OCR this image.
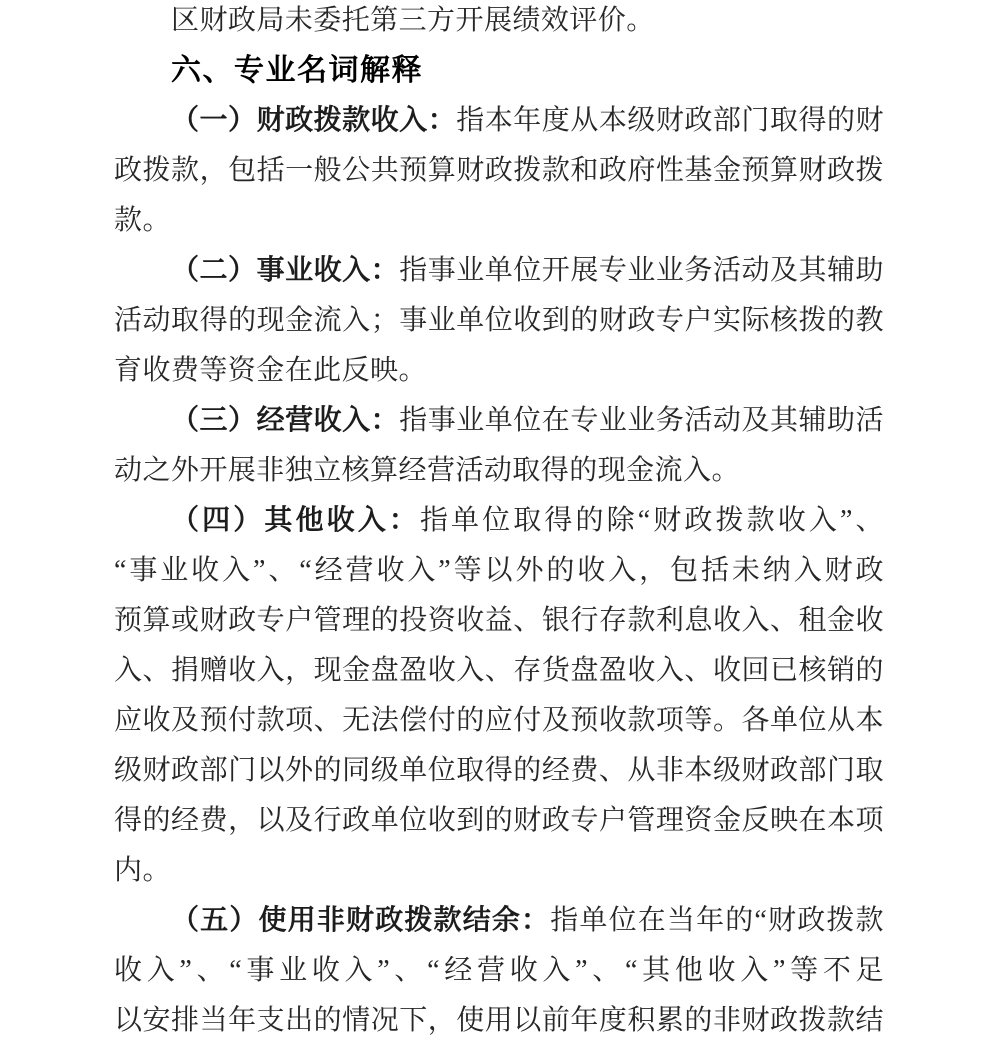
区财政局未委托第三方开展绩效评价。
六、专业名词解释
（一）财政拨款收入：指本年度从本级财政部门取得的财
政拨款，包括一般公共预算财政拨款和政府性基金预算财政拨
款。
（二）事业收入：指事业单位开展专业业务活动及其辅助
活动取得的现金流入；事业单位收到的财政专户实际核拨的教
育收费等资金在此反映。
（三）经营收入：指事业单位在专业业务活动及其辅助活
动之外开展非独立核算经营活动取得的现金流入。
（四）其他收入：指单位取得的除“财政拨款收入”、
“事业收入”、“经营收入”等以外的收入，包括未纳入财政
预算或财政专户管理的投资收益、银行存款利息收入、租金收
入、捐赠收入，现金盘盈收入、存货盘盈收入、收回已核销的
应收及预付款项、无法偿付的应付及预收款项等。各单位从本
级财政部门以外的同级单位取得的经费、从非本级财政部门取
得的经费，以及行政单位收到的财政专户管理资金反映在本项
内。
（五）使用非财政拨款结余：指单位在当年的“财政拨款
收入”、“事业收入”、“经营收入”、“其他收入”等不足
以安排当年支出的情况下，使用以前年度积累的非财政拨款结
